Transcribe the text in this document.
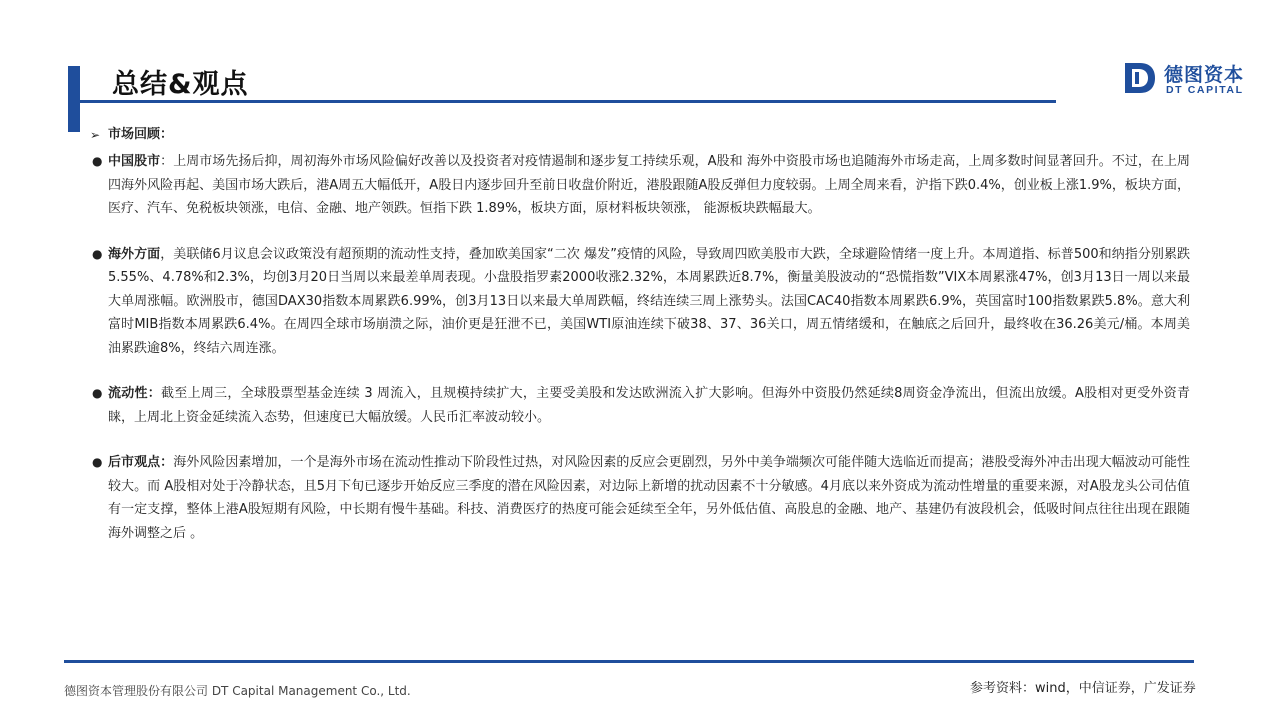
总结&观点	德图资本
DT CAPITAL
➢ 市场回顾：

● 中国股市：上周市场先扬后抑，周初海外市场风险偏好改善以及投资者对疫情遏制和逐步复工持续乐观，A股和 海外中资股市场也追随海外市场走高，上周多数时间显著回升。不过，在上周四海外风险再起、美国市场大跌后，港A周五大幅低开，A股日内逐步回升至前日收盘价附近，港股跟随A股反弹但力度较弱。上周全周来看，沪指下跌0.4%，创业板上涨1.9%，板块方面，医疗、汽车、免税板块领涨，电信、金融、地产领跌。恒指下跌 1.89%，板块方面，原材料板块领涨， 能源板块跌幅最大。

● 海外方面，美联储6月议息会议政策没有超预期的流动性支持，叠加欧美国家“二次 爆发”疫情的风险，导致周四欧美股市大跌，全球避险情绪一度上升。本周道指、标普500和纳指分别累跌5.55%、4.78%和2.3%，均创3月20日当周以来最差单周表现。小盘股指罗素2000收涨2.32%，本周累跌近8.7%，衡量美股波动的“恐慌指数”VIX本周累涨47%，创3月13日一周以来最大单周涨幅。欧洲股市，德国DAX30指数本周累跌6.99%，创3月13日以来最大单周跌幅，终结连续三周上涨势头。法国CAC40指数本周累跌6.9%，英国富时100指数累跌5.8%。意大利富时MIB指数本周累跌6.4%。在周四全球市场崩溃之际，油价更是狂泄不已，美国WTI原油连续下破38、37、36关口，周五情绪缓和，在触底之后回升，最终收在36.26美元/桶。本周美油累跌逾8%，终结六周连涨。

● 流动性：截至上周三，全球股票型基金连续 3 周流入，且规模持续扩大，主要受美股和发达欧洲流入扩大影响。但海外中资股仍然延续8周资金净流出，但流出放缓。A股相对更受外资青睐，上周北上资金延续流入态势，但速度已大幅放缓。人民币汇率波动较小。

● 后市观点：海外风险因素增加，一个是海外市场在流动性推动下阶段性过热，对风险因素的反应会更剧烈，另外中美争端频次可能伴随大选临近而提高；港股受海外冲击出现大幅波动可能性较大。而 A股相对处于冷静状态，且5月下旬已逐步开始反应三季度的潜在风险因素，对边际上新增的扰动因素不十分敏感。4月底以来外资成为流动性增量的重要来源，对A股龙头公司估值有一定支撑，整体上港A股短期有风险，中长期有慢牛基础。科技、消费医疗的热度可能会延续至全年，另外低估值、高股息的金融、地产、基建仍有波段机会，低吸时间点往往出现在跟随海外调整之后 。

德图资本管理股份有限公司 DT Capital Management Co., Ltd.	参考资料：wind，中信证券，广发证券
